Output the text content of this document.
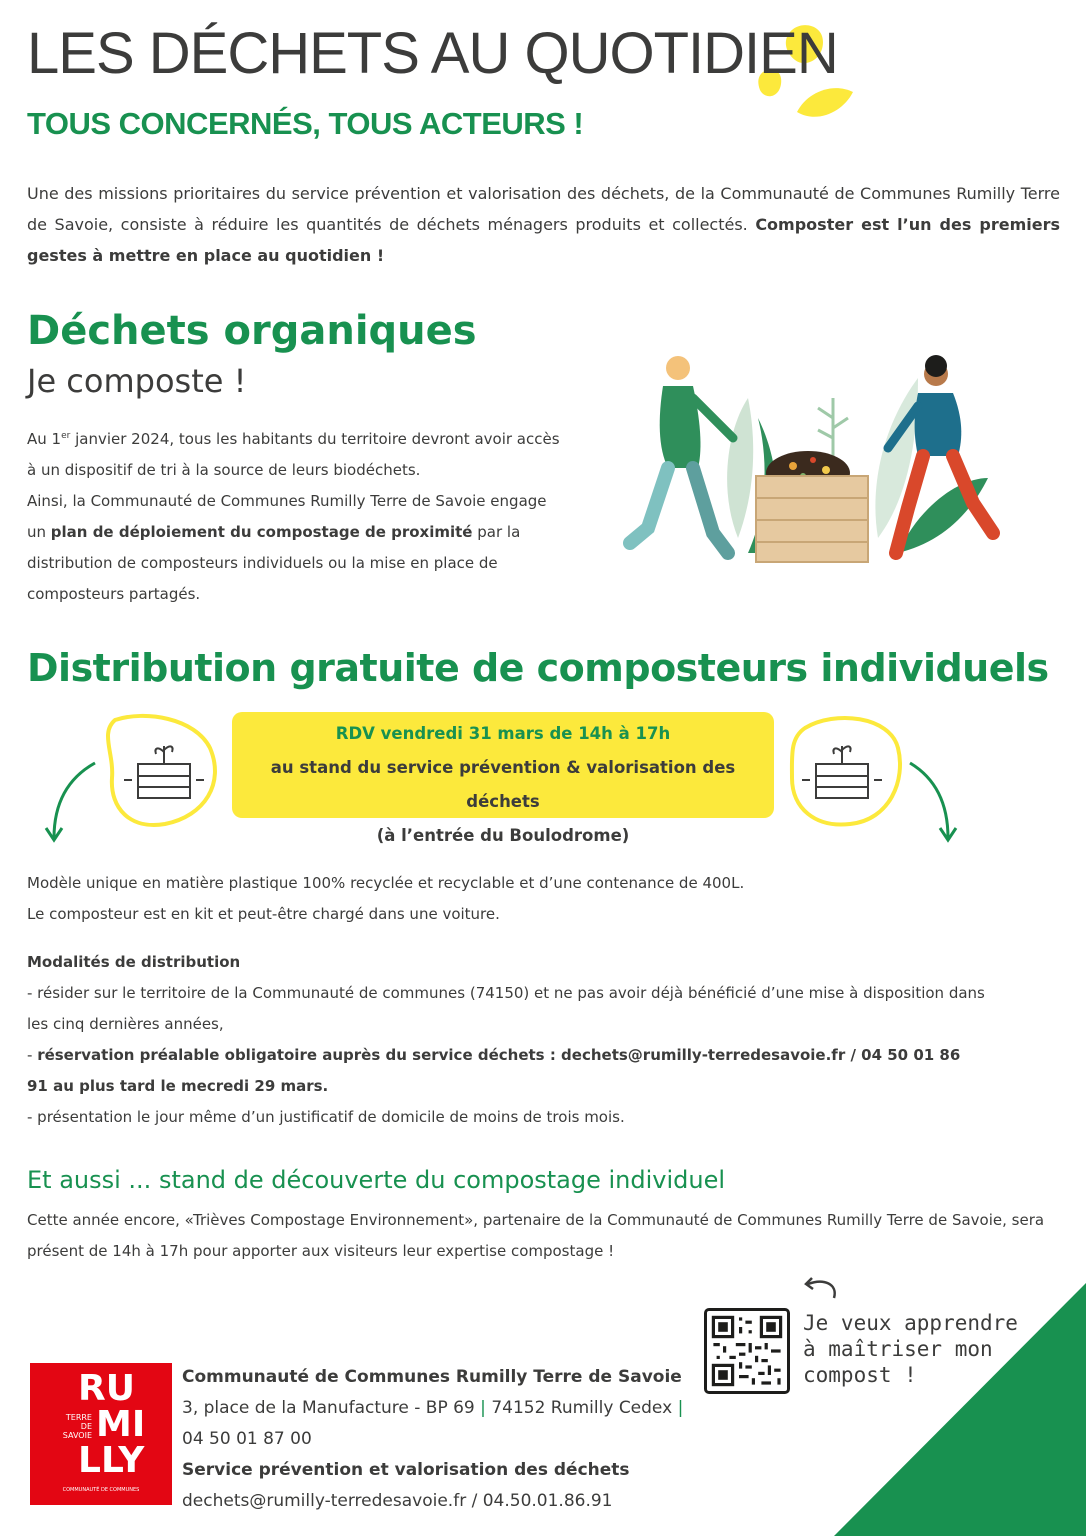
LES DÉCHETS AU QUOTIDIEN
TOUS CONCERNÉS, TOUS ACTEURS !
Une des missions prioritaires du service prévention et valorisation des déchets, de la Communauté de Communes Rumilly Terre de Savoie, consiste à réduire les quantités de déchets ménagers produits et collectés. Composter est l’un des premiers gestes à mettre en place au quotidien !
Déchets organiques
Je composte !
Au 1er janvier 2024, tous les habitants du territoire devront avoir accès à un dispositif de tri à la source de leurs biodéchets.
Ainsi, la Communauté de Communes Rumilly Terre de Savoie engage un plan de déploiement du compostage de proximité par la distribution de composteurs individuels ou la mise en place de composteurs partagés.
Distribution gratuite de composteurs individuels
RDV vendredi 31 mars de 14h à 17h
au stand du service prévention & valorisation des déchets
(à l’entrée du Boulodrome)
Modèle unique en matière plastique 100% recyclée et recyclable et d’une contenance de 400L.
Le composteur est en kit et peut-être chargé dans une voiture.
Modalités de distribution
- résider sur le territoire de la Communauté de communes (74150) et ne pas avoir déjà bénéficié d’une mise à disposition dans les cinq dernières années,
- réservation préalable obligatoire auprès du service déchets : dechets@rumilly-terredesavoie.fr / 04 50 01 86 91 au plus tard le mecredi 29 mars.
- présentation le jour même d’un justificatif de domicile de moins de trois mois.
Et aussi ... stand de découverte du compostage individuel
Cette année encore, «Trièves Compostage Environnement», partenaire de la Communauté de Communes Rumilly Terre de Savoie, sera présent de 14h à 17h pour apporter aux visiteurs leur expertise compostage !
Je veux apprendre
à maîtriser mon
compost !
RU
MI
LLY
TERRE
DE
SAVOIE
COMMUNAUTÉ DE COMMUNES
Communauté de Communes Rumilly Terre de Savoie
3, place de la Manufacture - BP 69 | 74152 Rumilly Cedex |
04 50 01 87 00
Service prévention et valorisation des déchets
dechets@rumilly-terredesavoie.fr / 04.50.01.86.91
